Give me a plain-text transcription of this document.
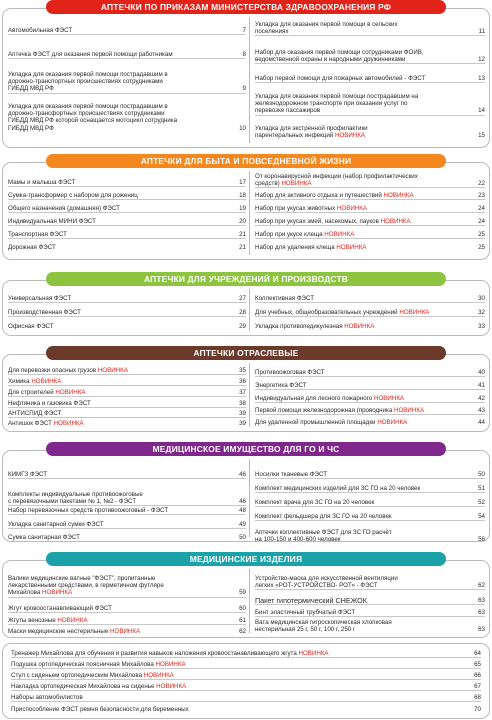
АПТЕЧКИ ПО ПРИКАЗАМ МИНИСТЕРСТВА ЗДРАВООХРАНЕНИЯ РФ
Автомобильная ФЭСТ	7
Аптечка ФЭСТ для оказания первой помощи работникам	8
Укладка для оказания первой помощи пострадавшим в
дорожно-транспортных происшествиях сотрудниками
ГИБДД МВД РФ	9
Укладка для оказания первой помощи пострадавшим в
дорожно-трансфортных происшествиях сотрудниками
ГИБДД МВД РФ которой оснащается мотоцикл сотрудника
ГИБДД МВД РФ	10
Укладка для оказания первой помощи в сельских
поселениях	11
Набор для оказания первой помощи сотрудниками ФОИВ,
ведомственной охраны и народными дружинниками	12
Набор первой помощи для пожарных автомобилей - ФЭСТ	13
Укладка для оказания первой помощи пострадавшим на
железнодорожном транспорте при оказании услуг по
перевозке пассажиров	14
Укладка для экстренной профилактики
парентеральных инфекций НОВИНКА	15
АПТЕЧКИ ДЛЯ БЫТА И ПОВСЕДНЕВНОЙ ЖИЗНИ
Мамы и малыша ФЭСТ	17
Сумка-трансформер с набором для рожениц	18
Общего назначения (домашняя) ФЭСТ	19
Индивидуальная МИНИ ФЭСТ	20
Транспортная ФЭСТ	21
Дорожная ФЭСТ	21
От коронавирусной инфекции (набор профилактических
средств) НОВИНКА	22
Набор для активного отдыха и путешествий НОВИНКА	23
Набор при укусах животных НОВИНКА	24
Набор при укусах змей, насекомых, пауков НОВИНКА	24
Набор при укусе клеща НОВИНКА	25
Набор для удаления клеща НОВИНКА	25
АПТЕЧКИ ДЛЯ УЧРЕЖДЕНИЙ И ПРОИЗВОДСТВ
Универсальная ФЭСТ	27
Производственная ФЭСТ	28
Офисная ФЭСТ	29
Коллективная ФЭСТ	30
Для учебных, общеобразовательных учреждений НОВИНКА	32
Укладка противопедикулезная НОВИНКА	33
АПТЕЧКИ ОТРАСЛЕВЫЕ
Для перевозки опасных грузов НОВИНКА	35
Химика НОВИНКА	36
Для строителей НОВИНКА	37
Нефтяника и газовика ФЭСТ	38
АНТИСПИД ФЭСТ	39
Антишок ФЭСТ НОВИНКА	39
Противоожоговая ФЭСТ	40
Энергетика ФЭСТ	41
Индивидуальная для лесного пожарного НОВИНКА	42
Первой помощи железнодорожная (проводника НОВИНКА	43
Для удаленной промышленной площадки НОВИНКА	44
МЕДИЦИНСКОЕ ИМУЩЕСТВО ДЛЯ ГО И ЧС
КИМГЗ ФЭСТ	46
Комплекты индивидуальные противоожоговые
с перевязочными пакетами № 1, №2 - ФЭСТ	46
Набор перевязочных средств противоожоговый - ФЭСТ	48
Укладка санитарной сумки ФЭСТ	49
Сумка санитарная ФЭСТ	50
Носилки тканевые ФЭСТ	50
Комплект медицинских изделий для ЗС ГО на 20 человек	51
Комплект врача для ЗС ГО на 20 человек	52
Комплект фельдшера для ЗС ГО на 20 человек	54
Аптечки коллективные ФЭСТ для ЗС ГО расчёт
на 100-150 и 400-600 человек	56
МЕДИЦИНСКИЕ ИЗДЕЛИЯ
Валики медицинские ватные "ФЭСТ", пропитанные
лекарственными средствами, в герметичном футляре
Михайлова НОВИНКА	59
Жгут кровоостанавливающий ФЭСТ	60
Жгуты венозные НОВИНКА	61
Маски медицинские нестерильные НОВИНКА	62
Устройство-маска для искусственной вентиляции
легких «РОТ-УСТРОЙСТВО- РОТ» - ФЭСТ	62
Пакет гипотермический СНЕЖОК	63
Бинт эластичный трубчатый ФЭСТ	63
Вата медицинская гигроскопическая хлопковая
нестерильная 25 г, 50 г, 100 г, 250 г	63
Тренажер Михайлова для обучения и развития навыков наложения кровоостанавливающего жгута НОВИНКА	64
Подушка ортопедическая поясничная Михайлова НОВИНКА	65
Стул с сиденьем ортопедическим Михайлова НОВИНКА	66
Накладка ортопедическая Михайлова на сиденье НОВИНКА	67
Наборы автомобилистов	68
Приспособление ФЭСТ ремня безопасности для беременных	70
